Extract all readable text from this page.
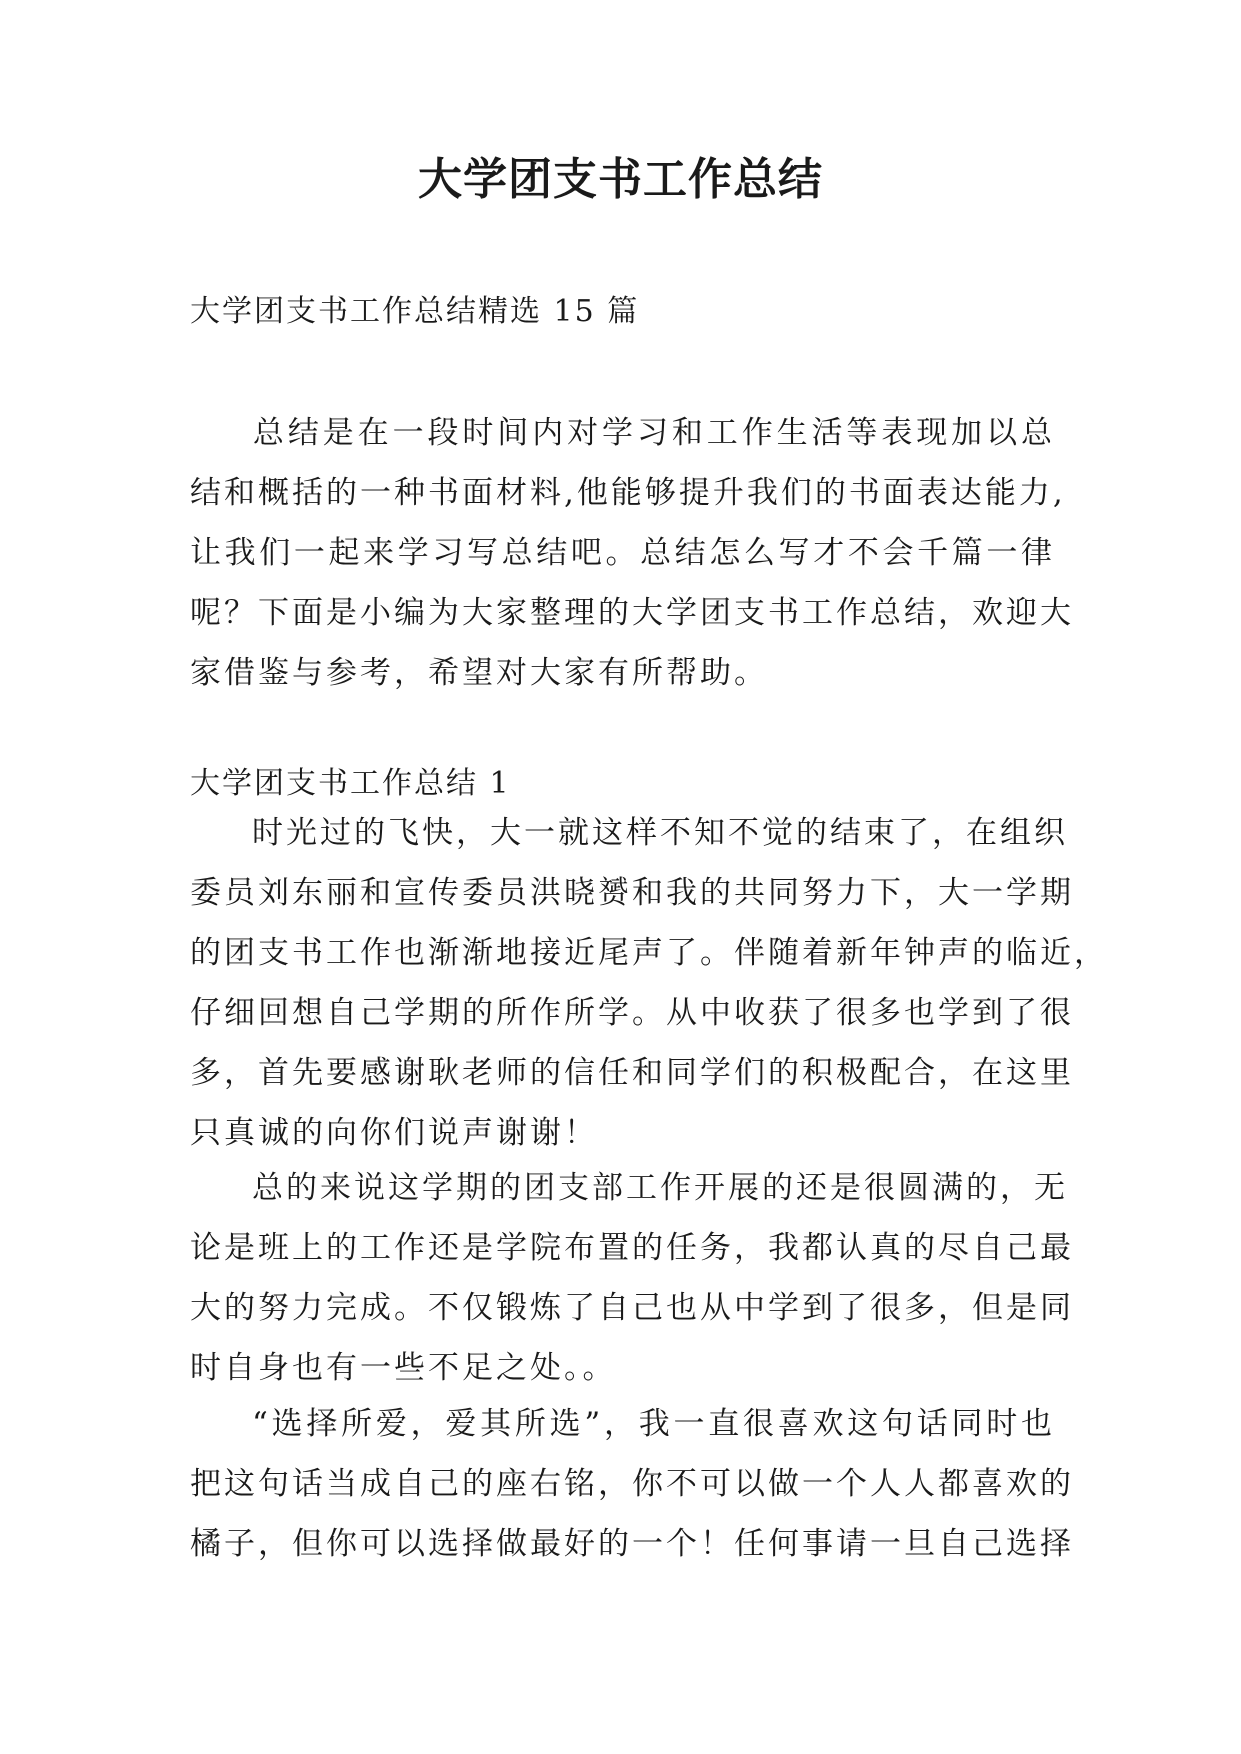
大学团支书工作总结

大学团支书工作总结精选 15 篇

总结是在一段时间内对学习和工作生活等表现加以总
结和概括的一种书面材料,他能够提升我们的书面表达能力,
让我们一起来学习写总结吧。总结怎么写才不会千篇一律
呢？下面是小编为大家整理的大学团支书工作总结，欢迎大
家借鉴与参考，希望对大家有所帮助。

大学团支书工作总结 1

时光过的飞快，大一就这样不知不觉的结束了，在组织
委员刘东丽和宣传委员洪晓赟和我的共同努力下，大一学期
的团支书工作也渐渐地接近尾声了。伴随着新年钟声的临近，
仔细回想自己学期的所作所学。从中收获了很多也学到了很
多，首先要感谢耿老师的信任和同学们的积极配合，在这里
只真诚的向你们说声谢谢！
总的来说这学期的团支部工作开展的还是很圆满的，无
论是班上的工作还是学院布置的任务，我都认真的尽自己最
大的努力完成。不仅锻炼了自己也从中学到了很多，但是同
时自身也有一些不足之处。。
“选择所爱，爱其所选”，我一直很喜欢这句话同时也
把这句话当成自己的座右铭，你不可以做一个人人都喜欢的
橘子，但你可以选择做最好的一个！任何事请一旦自己选择
